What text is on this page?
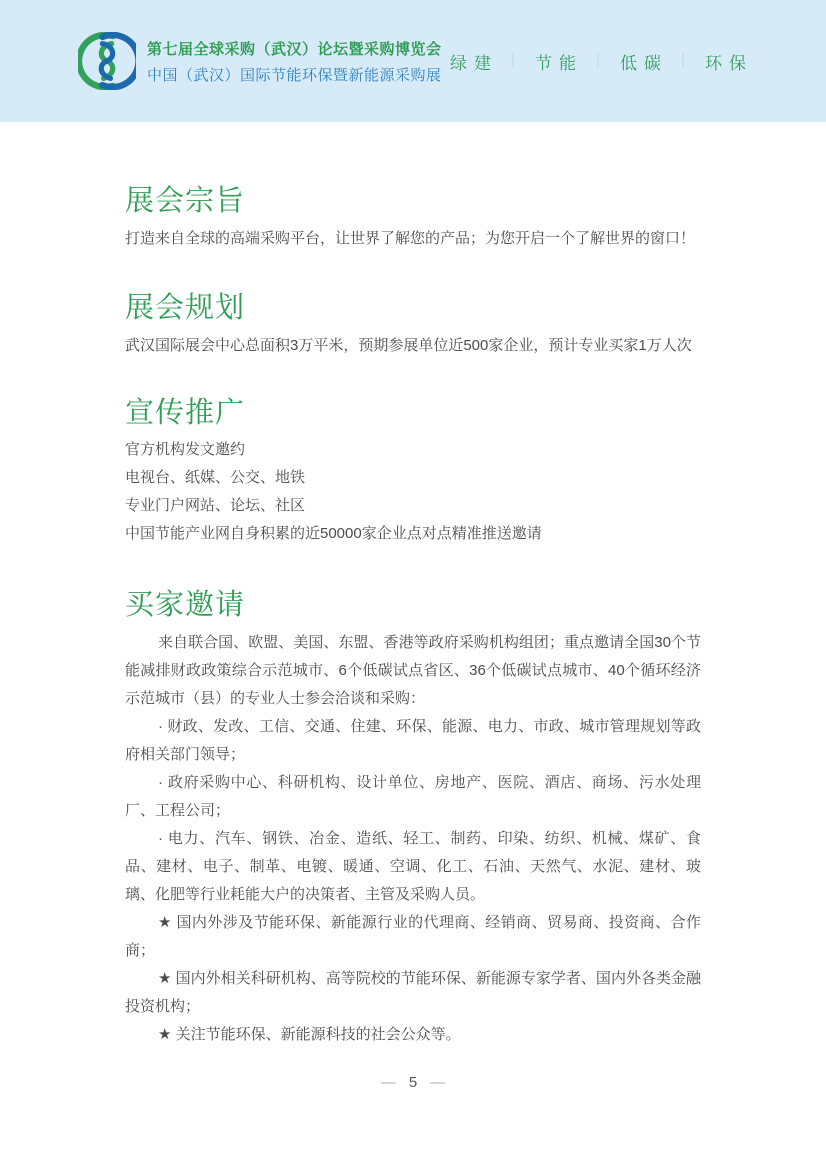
第七届全球采购（武汉）论坛暨采购博览会
中国（武汉）国际节能环保暨新能源采购展
绿建 ｜ 节能 ｜ 低碳 ｜ 环保
展会宗旨

打造来自全球的高端采购平台，让世界了解您的产品；为您开启一个了解世界的窗口！

展会规划

武汉国际展会中心总面积3万平米，预期参展单位近500家企业，预计专业买家1万人次

宣传推广

官方机构发文邀约

电视台、纸媒、公交、地铁

专业门户网站、论坛、社区

中国节能产业网自身积累的近50000家企业点对点精准推送邀请

买家邀请

来自联合国、欧盟、美国、东盟、香港等政府采购机构组团；重点邀请全国30个节能减排财政政策综合示范城市、6个低碳试点省区、36个低碳试点城市、40个循环经济示范城市（县）的专业人士参会洽谈和采购：

· 财政、发改、工信、交通、住建、环保、能源、电力、市政、城市管理规划等政府相关部门领导；

· 政府采购中心、科研机构、设计单位、房地产、医院、酒店、商场、污水处理厂、工程公司；

· 电力、汽车、钢铁、冶金、造纸、轻工、制药、印染、纺织、机械、煤矿、食品、建材、电子、制革、电镀、暖通、空调、化工、石油、天然气、水泥、建材、玻璃、化肥等行业耗能大户的决策者、主管及采购人员。

★ 国内外涉及节能环保、新能源行业的代理商、经销商、贸易商、投资商、合作商；

★ 国内外相关科研机构、高等院校的节能环保、新能源专家学者、国内外各类金融投资机构；

★ 关注节能环保、新能源科技的社会公众等。

— 5 —
